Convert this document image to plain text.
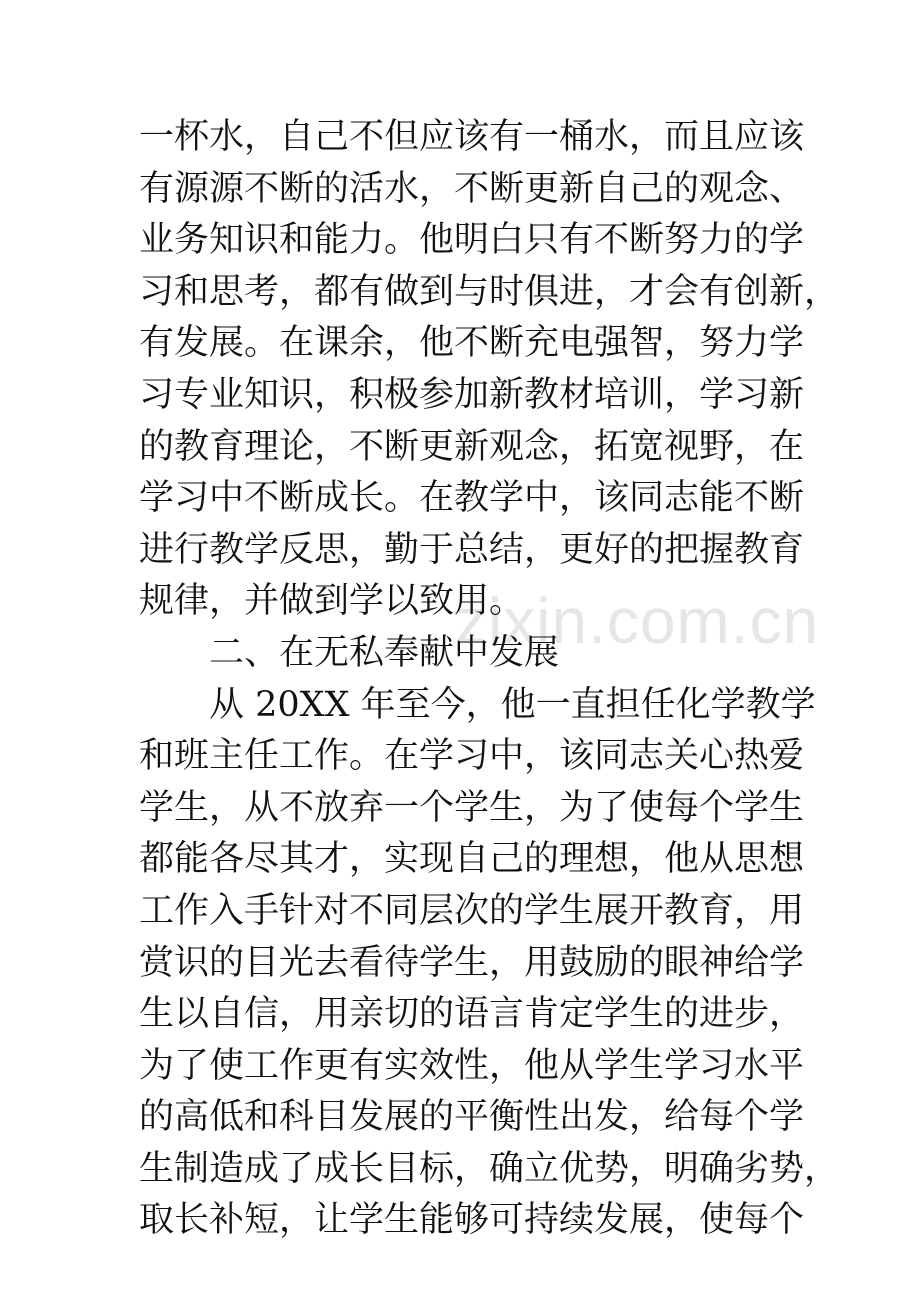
zixin.com.cn
一杯水，自己不但应该有一桶水，而且应该
有源源不断的活水，不断更新自己的观念、
业务知识和能力。他明白只有不断努力的学
习和思考，都有做到与时俱进，才会有创新，
有发展。在课余，他不断充电强智，努力学
习专业知识，积极参加新教材培训，学习新
的教育理论，不断更新观念，拓宽视野，在
学习中不断成长。在教学中，该同志能不断
进行教学反思，勤于总结，更好的把握教育
规律，并做到学以致用。
二、在无私奉献中发展
从 20XX 年至今，他一直担任化学教学
和班主任工作。在学习中，该同志关心热爱
学生，从不放弃一个学生，为了使每个学生
都能各尽其才，实现自己的理想，他从思想
工作入手针对不同层次的学生展开教育，用
赏识的目光去看待学生，用鼓励的眼神给学
生以自信，用亲切的语言肯定学生的进步，
为了使工作更有实效性，他从学生学习水平
的高低和科目发展的平衡性出发，给每个学
生制造成了成长目标，确立优势，明确劣势，
取长补短，让学生能够可持续发展，使每个
